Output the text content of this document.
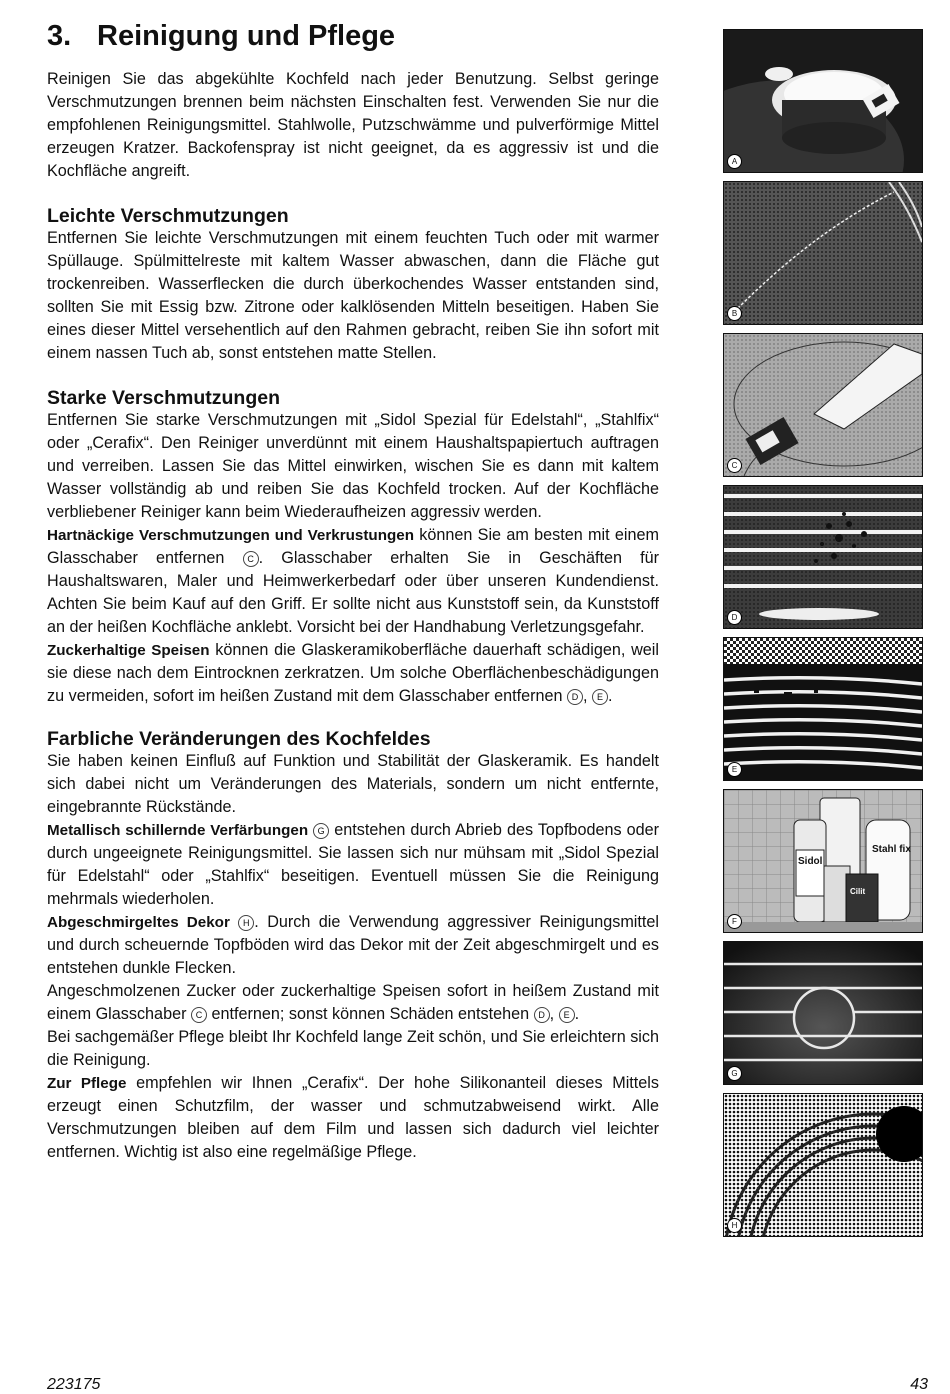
3. Reinigung und Pflege

Reinigen Sie das abgekühlte Kochfeld nach jeder Benutzung. Selbst geringe Verschmutzungen brennen beim nächsten Einschalten fest. Verwenden Sie nur die empfohlenen Reinigungsmittel. Stahlwolle, Putzschwämme und pulverförmige Mittel erzeugen Kratzer. Backofenspray ist nicht geeignet, da es aggressiv ist und die Kochfläche angreift.

Leichte Verschmutzungen

Entfernen Sie leichte Verschmutzungen mit einem feuchten Tuch oder mit warmer Spüllauge. Spülmittelreste mit kaltem Wasser abwaschen, dann die Fläche gut trockenreiben. Wasserflecken die durch überkochendes Wasser entstanden sind, sollten Sie mit Essig bzw. Zitrone oder kalklösenden Mitteln beseitigen. Haben Sie eines dieser Mittel versehentlich auf den Rahmen gebracht, reiben Sie ihn sofort mit einem nassen Tuch ab, sonst entstehen matte Stellen.

Starke Verschmutzungen

Entfernen Sie starke Verschmutzungen mit „Sidol Spezial für Edelstahl“, „Stahlfix“ oder „Cerafix“. Den Reiniger unverdünnt mit einem Haushaltspapiertuch auftragen und verreiben. Lassen Sie das Mittel einwirken, wischen Sie es dann mit kaltem Wasser vollständig ab und reiben Sie das Kochfeld trocken. Auf der Kochfläche verbliebener Reiniger kann beim Wiederaufheizen aggressiv werden.

Hartnäckige Verschmutzungen und Verkrustungen können Sie am besten mit einem Glasschaber entfernen C . Glasschaber erhalten Sie in Geschäften für Haushaltswaren, Maler und Heimwerkerbedarf oder über unseren Kundendienst. Achten Sie beim Kauf auf den Griff. Er sollte nicht aus Kunststoff sein, da Kunststoff an der heißen Kochfläche anklebt. Vorsicht bei der Handhabung Verletzungsgefahr.

Zuckerhaltige Speisen können die Glaskeramikoberfläche dauerhaft schädigen, weil sie diese nach dem Eintrocknen zerkratzen. Um solche Oberflächenbeschädigungen zu vermeiden, sofort im heißen Zustand mit dem Glasschaber entfernen D , E .

Farbliche Veränderungen des Kochfeldes

Sie haben keinen Einfluß auf Funktion und Stabilität der Glaskeramik. Es handelt sich dabei nicht um Veränderungen des Materials, sondern um nicht entfernte, eingebrannte Rückstände.

Metallisch schillernde Verfärbungen G entstehen durch Abrieb des Topfbodens oder durch ungeeignete Reinigungsmittel. Sie lassen sich nur mühsam mit „Sidol Spezial für Edelstahl“ oder „Stahlfix“ beseitigen. Eventuell müssen Sie die Reinigung mehrmals wiederholen.

Abgeschmirgeltes Dekor H . Durch die Verwendung aggressiver Reinigungsmittel und durch scheuernde Topfböden wird das Dekor mit der Zeit abgeschmirgelt und es entstehen dunkle Flecken.

Angeschmolzenen Zucker oder zuckerhaltige Speisen sofort in heißem Zustand mit einem Glasschaber C entfernen; sonst können Schäden entstehen D , E .

Bei sachgemäßer Pflege bleibt Ihr Kochfeld lange Zeit schön, und Sie erleichtern sich die Reinigung.

Zur Pflege empfehlen wir Ihnen „Cerafix“. Der hohe Silikonanteil dieses Mittels erzeugt einen Schutzfilm, der wasser und schmutzabweisend wirkt. Alle Verschmutzungen bleiben auf dem Film und lassen sich dadurch viel leichter entfernen. Wichtig ist also eine regelmäßige Pflege.

A
B
C
D
E
Sidol
Stahl fix
Cilit
F
G
H
223175	43
